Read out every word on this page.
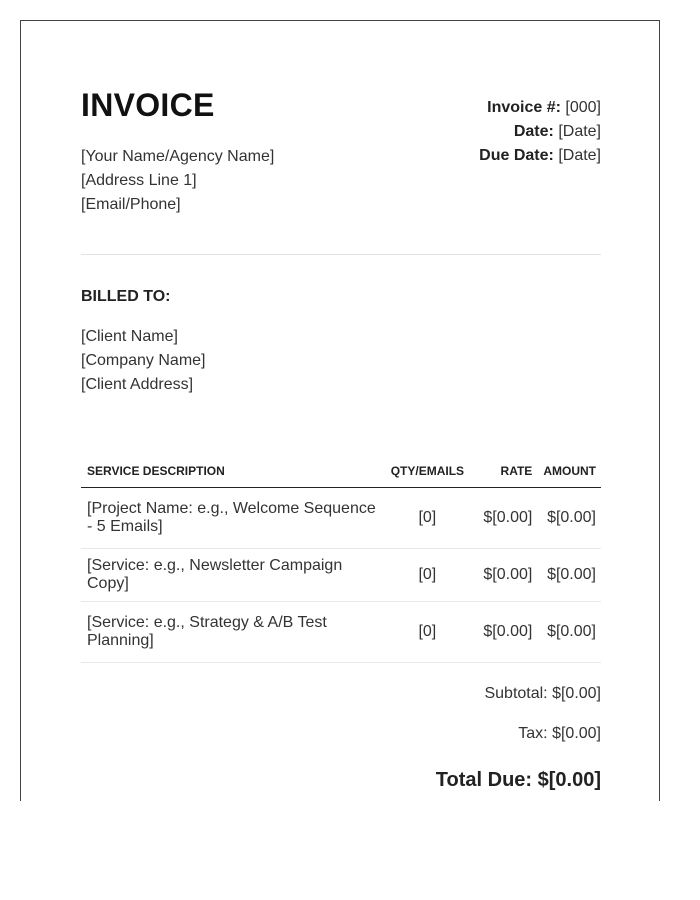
INVOICE
[Your Name/Agency Name]
[Address Line 1]
[Email/Phone]
Invoice #: [000]
Date: [Date]
Due Date: [Date]
BILLED TO:
[Client Name]
[Company Name]
[Client Address]
SERVICE DESCRIPTION	QTY/EMAILS	RATE	AMOUNT
[Project Name: e.g., Welcome Sequence - 5 Emails]	[0]	$[0.00]	$[0.00]
[Service: e.g., Newsletter Campaign Copy]	[0]	$[0.00]	$[0.00]
[Service: e.g., Strategy & A/B Test Planning]	[0]	$[0.00]	$[0.00]
Subtotal: $[0.00]
Tax: $[0.00]
Total Due: $[0.00]
